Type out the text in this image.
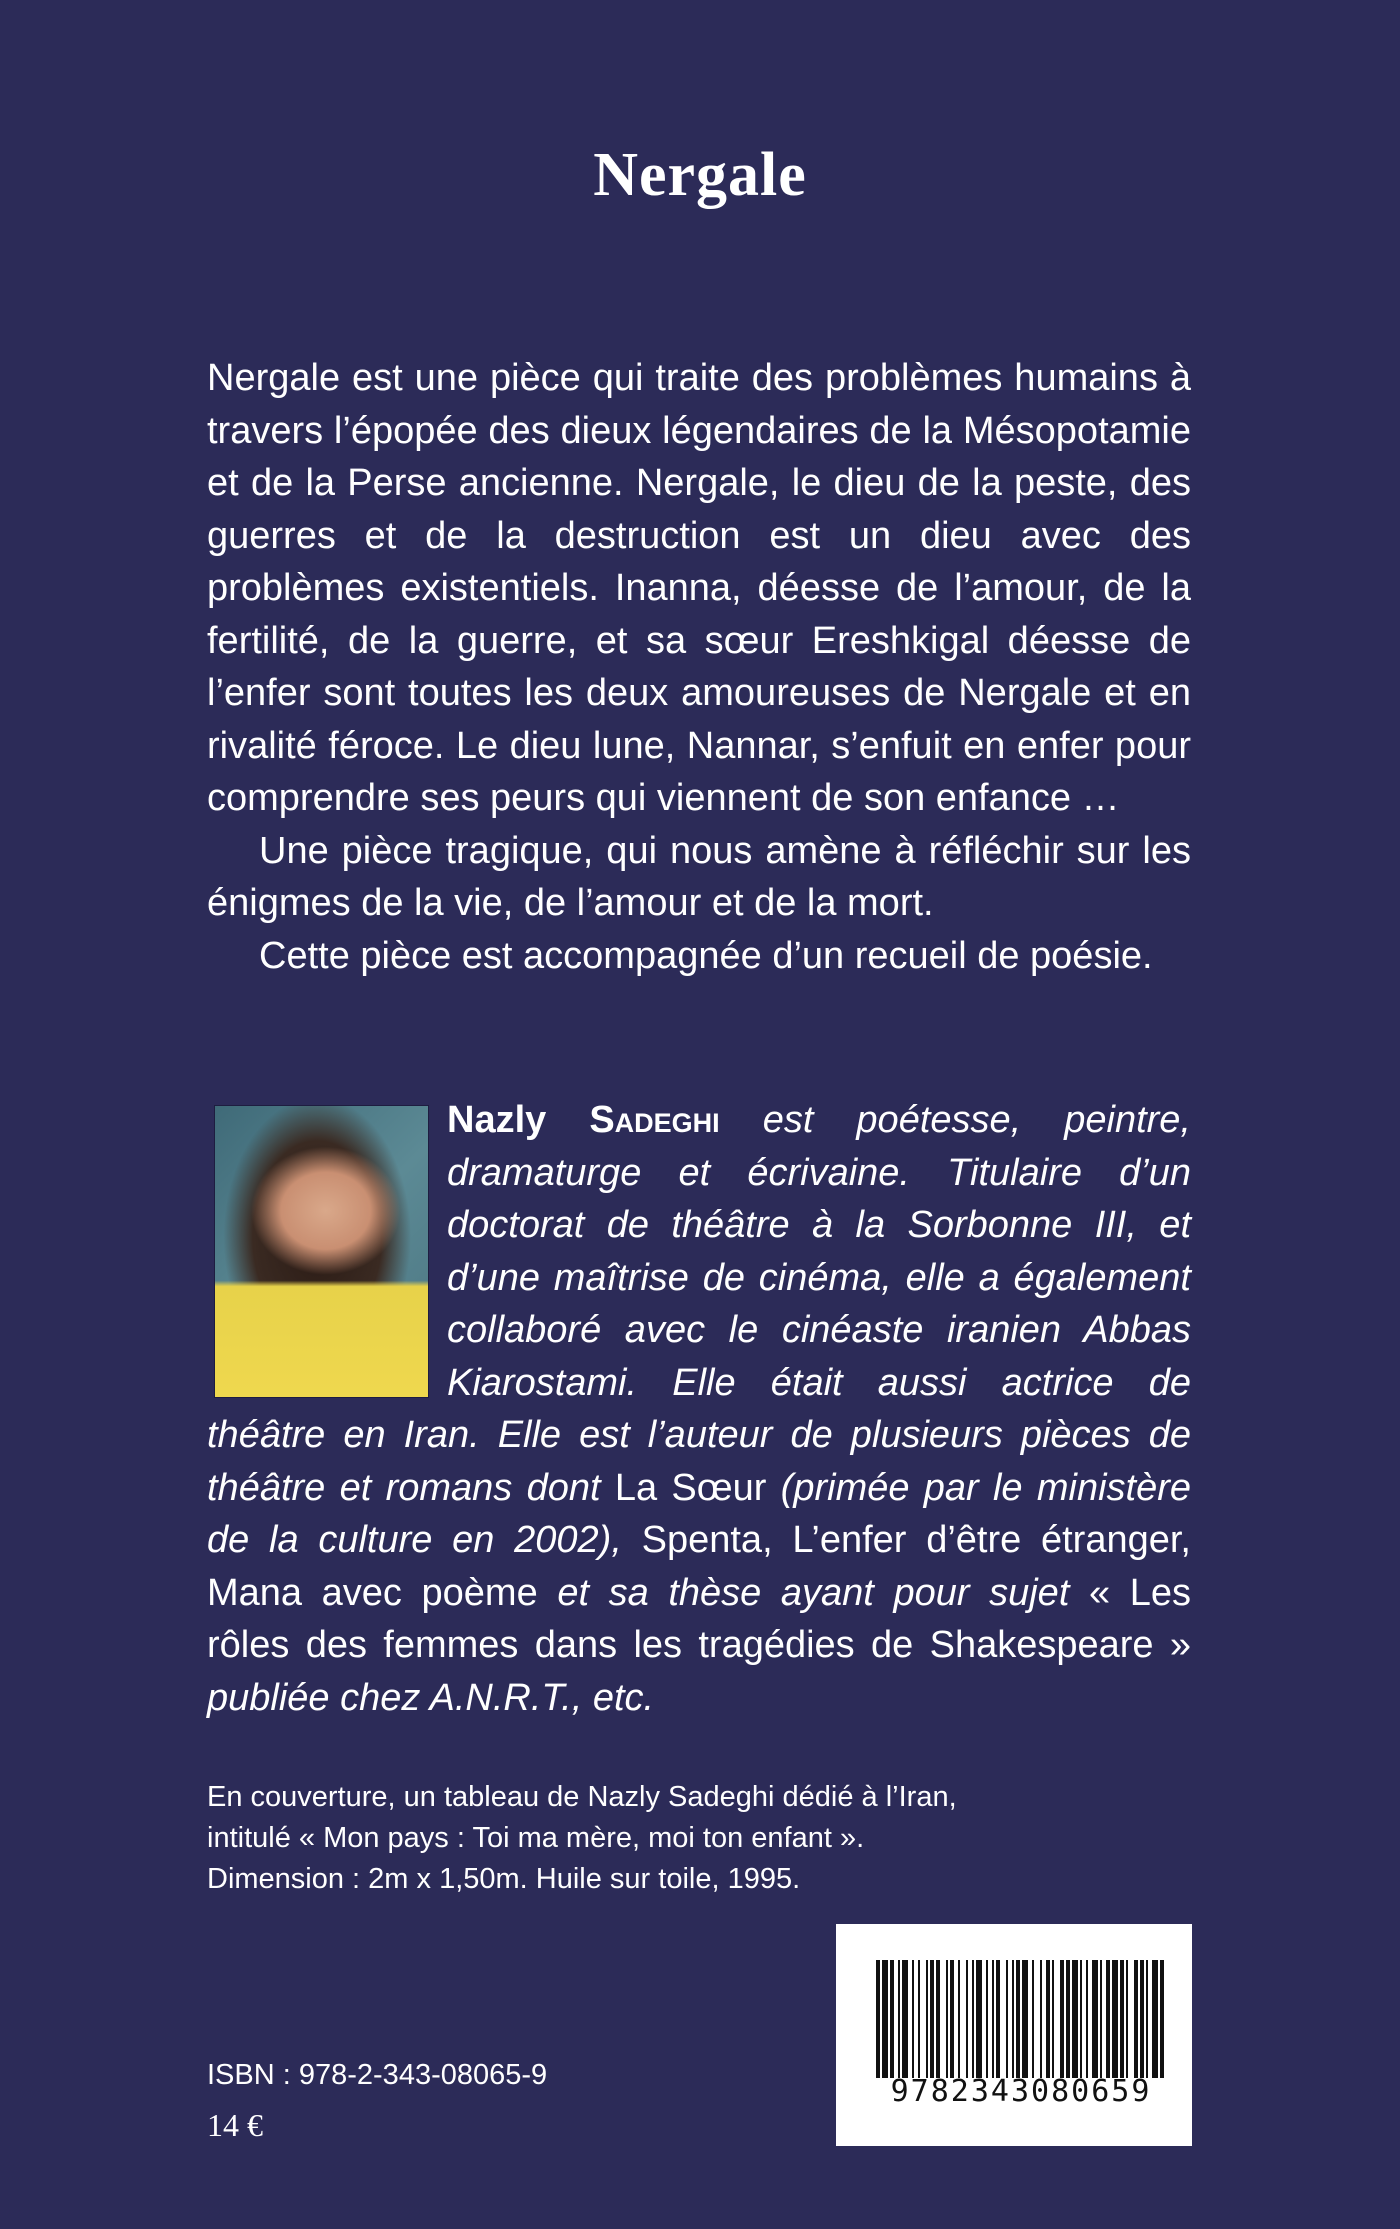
Nergale

Nergale est une pièce qui traite des problèmes humains à travers l’épopée des dieux légendaires de la Mésopotamie et de la Perse ancienne. Nergale, le dieu de la peste, des guerres et de la destruction est un dieu avec des problèmes existentiels. Inanna, déesse de l’amour, de la fertilité, de la guerre, et sa sœur Ereshkigal déesse de l’enfer sont toutes les deux amoureuses de Nergale et en rivalité féroce. Le dieu lune, Nannar, s’enfuit en enfer pour comprendre ses peurs qui viennent de son enfance …

Une pièce tragique, qui nous amène à réfléchir sur les énigmes de la vie, de l’amour et de la mort.

Cette pièce est accompagnée d’un recueil de poésie.

Nazly Sadeghi est poétesse, peintre, dramaturge et écrivaine. Titulaire d’un doctorat de théâtre à la Sorbonne III, et d’une maîtrise de cinéma, elle a également collaboré avec le cinéaste iranien Abbas Kiarostami. Elle était aussi actrice de théâtre en Iran. Elle est l’auteur de plusieurs pièces de théâtre et romans dont La Sœur (primée par le ministère de la culture en 2002), Spenta, L’enfer d’être étranger, Mana avec poème et sa thèse ayant pour sujet « Les rôles des femmes dans les tragédies de Shakespeare » publiée chez A.N.R.T., etc.
En couverture, un tableau de Nazly Sadeghi dédié à l’Iran,
intitulé « Mon pays : Toi ma mère, moi ton enfant ».
Dimension : 2m x 1,50m. Huile sur toile, 1995.
9782343080659
ISBN : 978-2-343-08065-9
14 €
